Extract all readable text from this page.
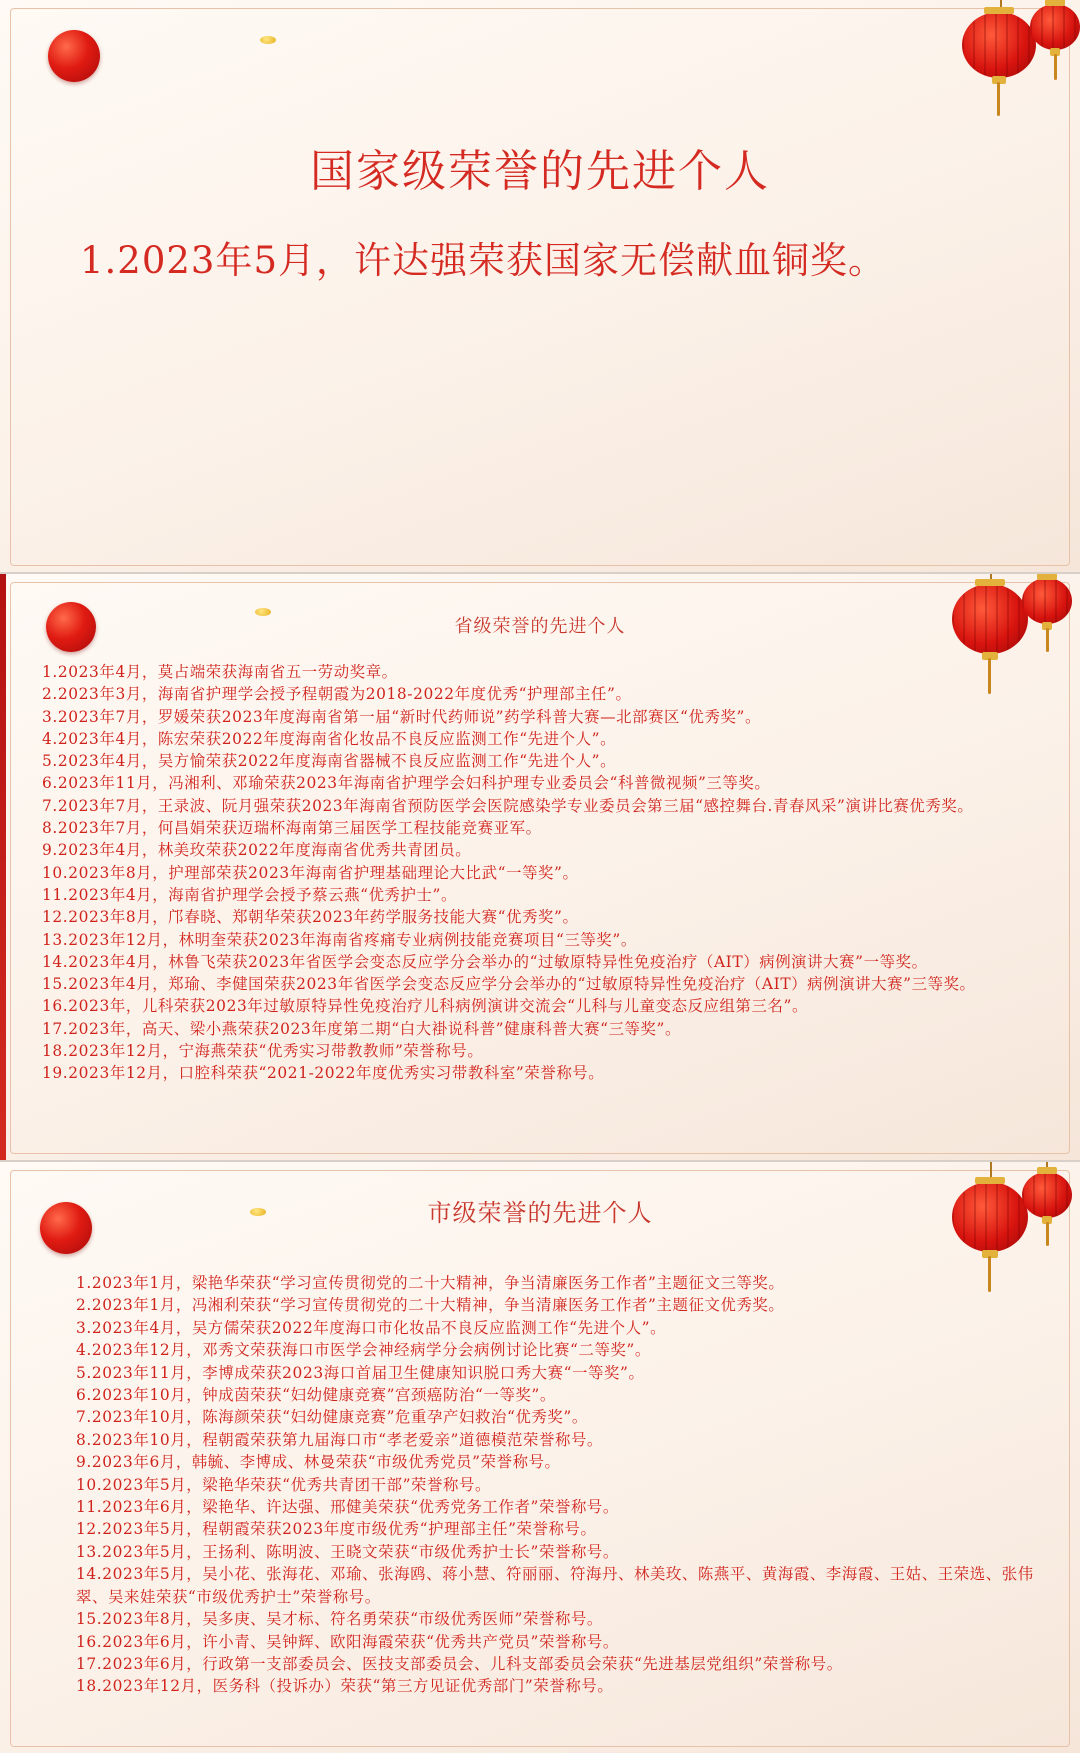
国家级荣誉的先进个人
1.2023年5月，许达强荣获国家无偿献血铜奖。
省级荣誉的先进个人
1.2023年4月，莫占端荣获海南省五一劳动奖章。
2.2023年3月，海南省护理学会授予程朝霞为2018-2022年度优秀“护理部主任”。
3.2023年7月，罗媛荣获2023年度海南省第一届“新时代药师说”药学科普大赛—北部赛区“优秀奖”。
4.2023年4月，陈宏荣获2022年度海南省化妆品不良反应监测工作“先进个人”。
5.2023年4月，吴方愉荣获2022年度海南省器械不良反应监测工作“先进个人”。
6.2023年11月，冯湘利、邓瑜荣获2023年海南省护理学会妇科护理专业委员会“科普微视频”三等奖。
7.2023年7月，王录波、阮月强荣获2023年海南省预防医学会医院感染学专业委员会第三届“感控舞台.青春风采”演讲比赛优秀奖。
8.2023年7月，何昌娟荣获迈瑞杯海南第三届医学工程技能竞赛亚军。
9.2023年4月，林美玫荣获2022年度海南省优秀共青团员。
10.2023年8月，护理部荣获2023年海南省护理基础理论大比武“一等奖”。
11.2023年4月，海南省护理学会授予蔡云燕“优秀护士”。
12.2023年8月，邝春晓、郑朝华荣获2023年药学服务技能大赛“优秀奖”。
13.2023年12月，林明奎荣获2023年海南省疼痛专业病例技能竞赛项目“三等奖”。
14.2023年4月，林鲁飞荣获2023年省医学会变态反应学分会举办的“过敏原特异性免疫治疗（AIT）病例演讲大赛”一等奖。
15.2023年4月，郑瑜、李健国荣获2023年省医学会变态反应学分会举办的“过敏原特异性免疫治疗（AIT）病例演讲大赛”三等奖。
16.2023年，儿科荣获2023年过敏原特异性免疫治疗儿科病例演讲交流会“儿科与儿童变态反应组第三名”。
17.2023年，高天、梁小燕荣获2023年度第二期“白大褂说科普”健康科普大赛“三等奖”。
18.2023年12月，宁海燕荣获“优秀实习带教教师”荣誉称号。
19.2023年12月，口腔科荣获“2021-2022年度优秀实习带教科室”荣誉称号。
市级荣誉的先进个人
1.2023年1月，梁艳华荣获“学习宣传贯彻党的二十大精神，争当清廉医务工作者”主题征文三等奖。
2.2023年1月，冯湘利荣获“学习宣传贯彻党的二十大精神，争当清廉医务工作者”主题征文优秀奖。
3.2023年4月，吴方儒荣获2022年度海口市化妆品不良反应监测工作“先进个人”。
4.2023年12月，邓秀文荣获海口市医学会神经病学分会病例讨论比赛“二等奖”。
5.2023年11月，李博成荣获2023海口首届卫生健康知识脱口秀大赛“一等奖”。
6.2023年10月，钟成茵荣获“妇幼健康竞赛”宫颈癌防治“一等奖”。
7.2023年10月，陈海颜荣获“妇幼健康竞赛”危重孕产妇救治“优秀奖”。
8.2023年10月，程朝霞荣获第九届海口市“孝老爱亲”道德模范荣誉称号。
9.2023年6月，韩毓、李博成、林曼荣获“市级优秀党员”荣誉称号。
10.2023年5月，梁艳华荣获“优秀共青团干部”荣誉称号。
11.2023年6月，梁艳华、许达强、邢健美荣获“优秀党务工作者”荣誉称号。
12.2023年5月，程朝霞荣获2023年度市级优秀“护理部主任”荣誉称号。
13.2023年5月，王扬利、陈明波、王晓文荣获“市级优秀护士长”荣誉称号。
14.2023年5月，吴小花、张海花、邓瑜、张海鸥、蒋小慧、符丽丽、符海丹、林美玫、陈燕平、黄海霞、李海霞、王姑、王荣选、张伟翠、吴来娃荣获“市级优秀护士”荣誉称号。
15.2023年8月，吴多庚、吴才标、符名勇荣获“市级优秀医师”荣誉称号。
16.2023年6月，许小青、吴钟辉、欧阳海霞荣获“优秀共产党员”荣誉称号。
17.2023年6月，行政第一支部委员会、医技支部委员会、儿科支部委员会荣获“先进基层党组织”荣誉称号。
18.2023年12月，医务科（投诉办）荣获“第三方见证优秀部门”荣誉称号。
